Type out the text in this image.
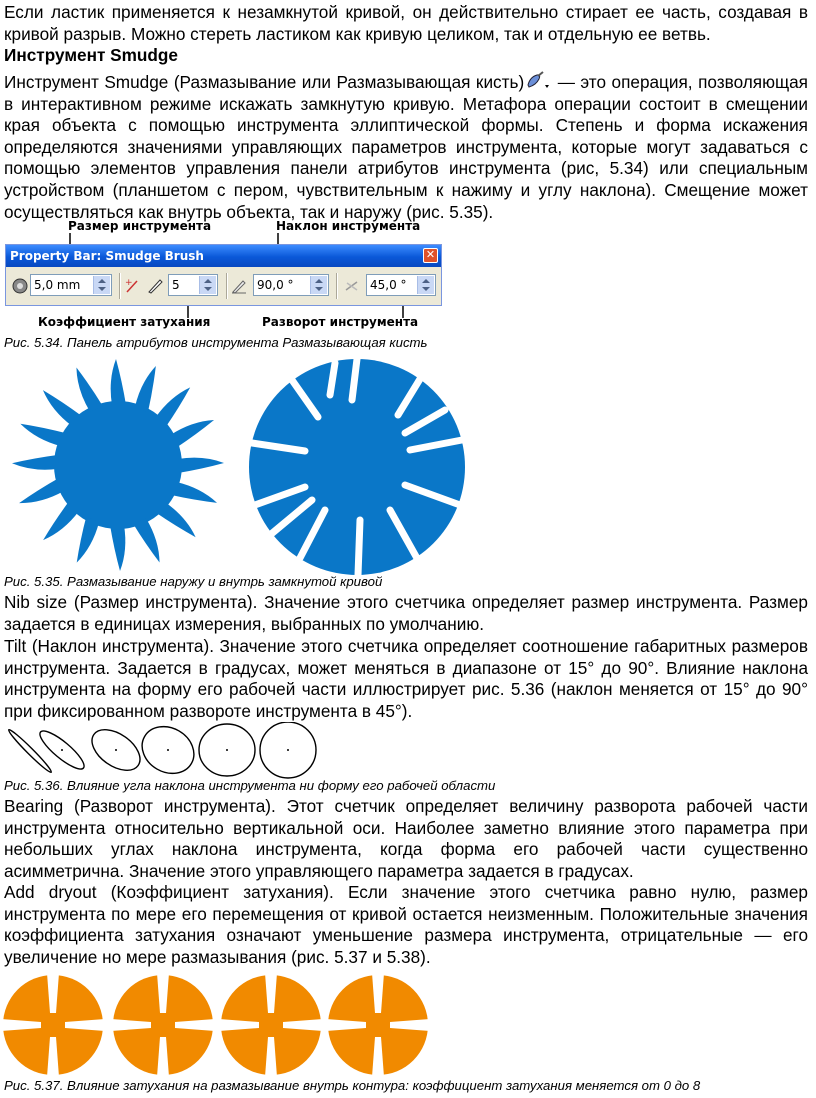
Если ластик применяется к незамкнутой кривой, он действительно стирает ее часть, создавая в кривой разрыв. Можно стереть ластиком как кривую целиком, так и отдельную ее ветвь.

Инструмент Smudge

Инструмент Smudge (Размазывание или Размазывающая кисть) — это операция, позволяющая в интерактивном режиме искажать замкнутую кривую. Метафора операции состоит в смещении края объекта с помощью инструмента эллиптической формы. Степень и форма искажения определяются значениями управляющих параметров инструмента, которые могут задаваться с помощью элементов управления панели атрибутов инструмента (рис, 5.34) или специальным устройством (планшетом с пером, чувствительным к нажиму и углу наклона). Смещение может осуществляться как внутрь объекта, так и наружу (рис. 5.35).

Размер инструмента	Наклон инструмента
Коэффициент затухания	Разворот инструмента
Property Bar: Smudge Brush	✕
5,0 mm	+	5	90,0 °	45,0 °

Рис. 5.34. Панель атрибутов инструмента Размазывающая кисть

Рис. 5.35. Размазывание наружу и внутрь замкнутой кривой

Nib size (Размер инструмента). Значение этого счетчика определяет размер инструмента. Размер задается в единицах измерения, выбранных по умолчанию.

Tilt (Наклон инструмента). Значение этого счетчика определяет соотношение габаритных размеров инструмента. Задается в градусах, может меняться в диапазоне от 15° до 90°. Влияние наклона инструмента на форму его рабочей части иллюстрирует рис. 5.36 (наклон меняется от 15° до 90° при фиксированном развороте инструмента в 45°).

Рис. 5.36. Влияние угла наклона инструмента ни форму его рабочей области

Bearing (Разворот инструмента). Этот счетчик определяет величину разворота рабочей части инструмента относительно вертикальной оси. Наиболее заметно влияние этого параметра при небольших углах наклона инструмента, когда форма его рабочей части существенно асимметрична. Значение этого управляющего параметра задается в градусах.

Add dryout (Коэффициент затухания). Если значение этого счетчика равно нулю, размер инструмента по мере его перемещения от кривой остается неизменным. Положительные значения коэффициента затухания означают уменьшение размера инструмента, отрицательные — его увеличение но мере размазывания (рис. 5.37 и 5.38).

Рис. 5.37. Влияние затухания на размазывание внутрь контура: коэффициент затухания меняется от 0 до 8
